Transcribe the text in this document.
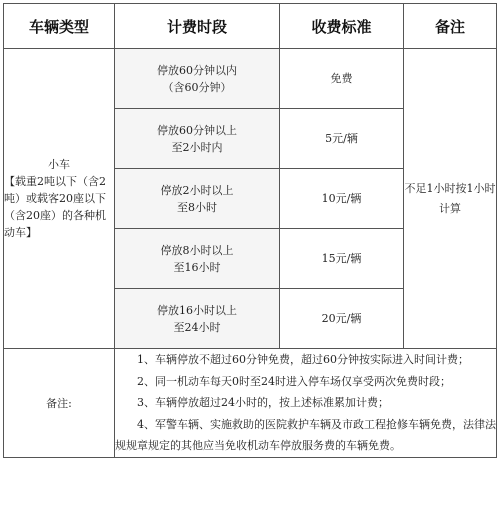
车辆类型	计费时段	收费标准	备注

小车
【载重2吨以下（含2吨）或载客20座以下（含20座）的各种机动车】	停放60分钟以内
（含60分钟）	免费	不足1小时按1小时计算

	停放60分钟以上
至2小时内	5元/辆	

	停放2小时以上
至8小时	10元/辆	

	停放8小时以上
至16小时	15元/辆	

	停放16小时以上
至24小时	20元/辆	
备注:	1、车辆停放不超过60分钟免费，超过60分钟按实际进入时间计费；

2、同一机动车每天0时至24时进入停车场仅享受两次免费时段；

3、车辆停放超过24小时的，按上述标准累加计费；

4、军警车辆、实施救助的医院救护车辆及市政工程抢修车辆免费，法律法规规章规定的其他应当免收机动车停放服务费的车辆免费。		
